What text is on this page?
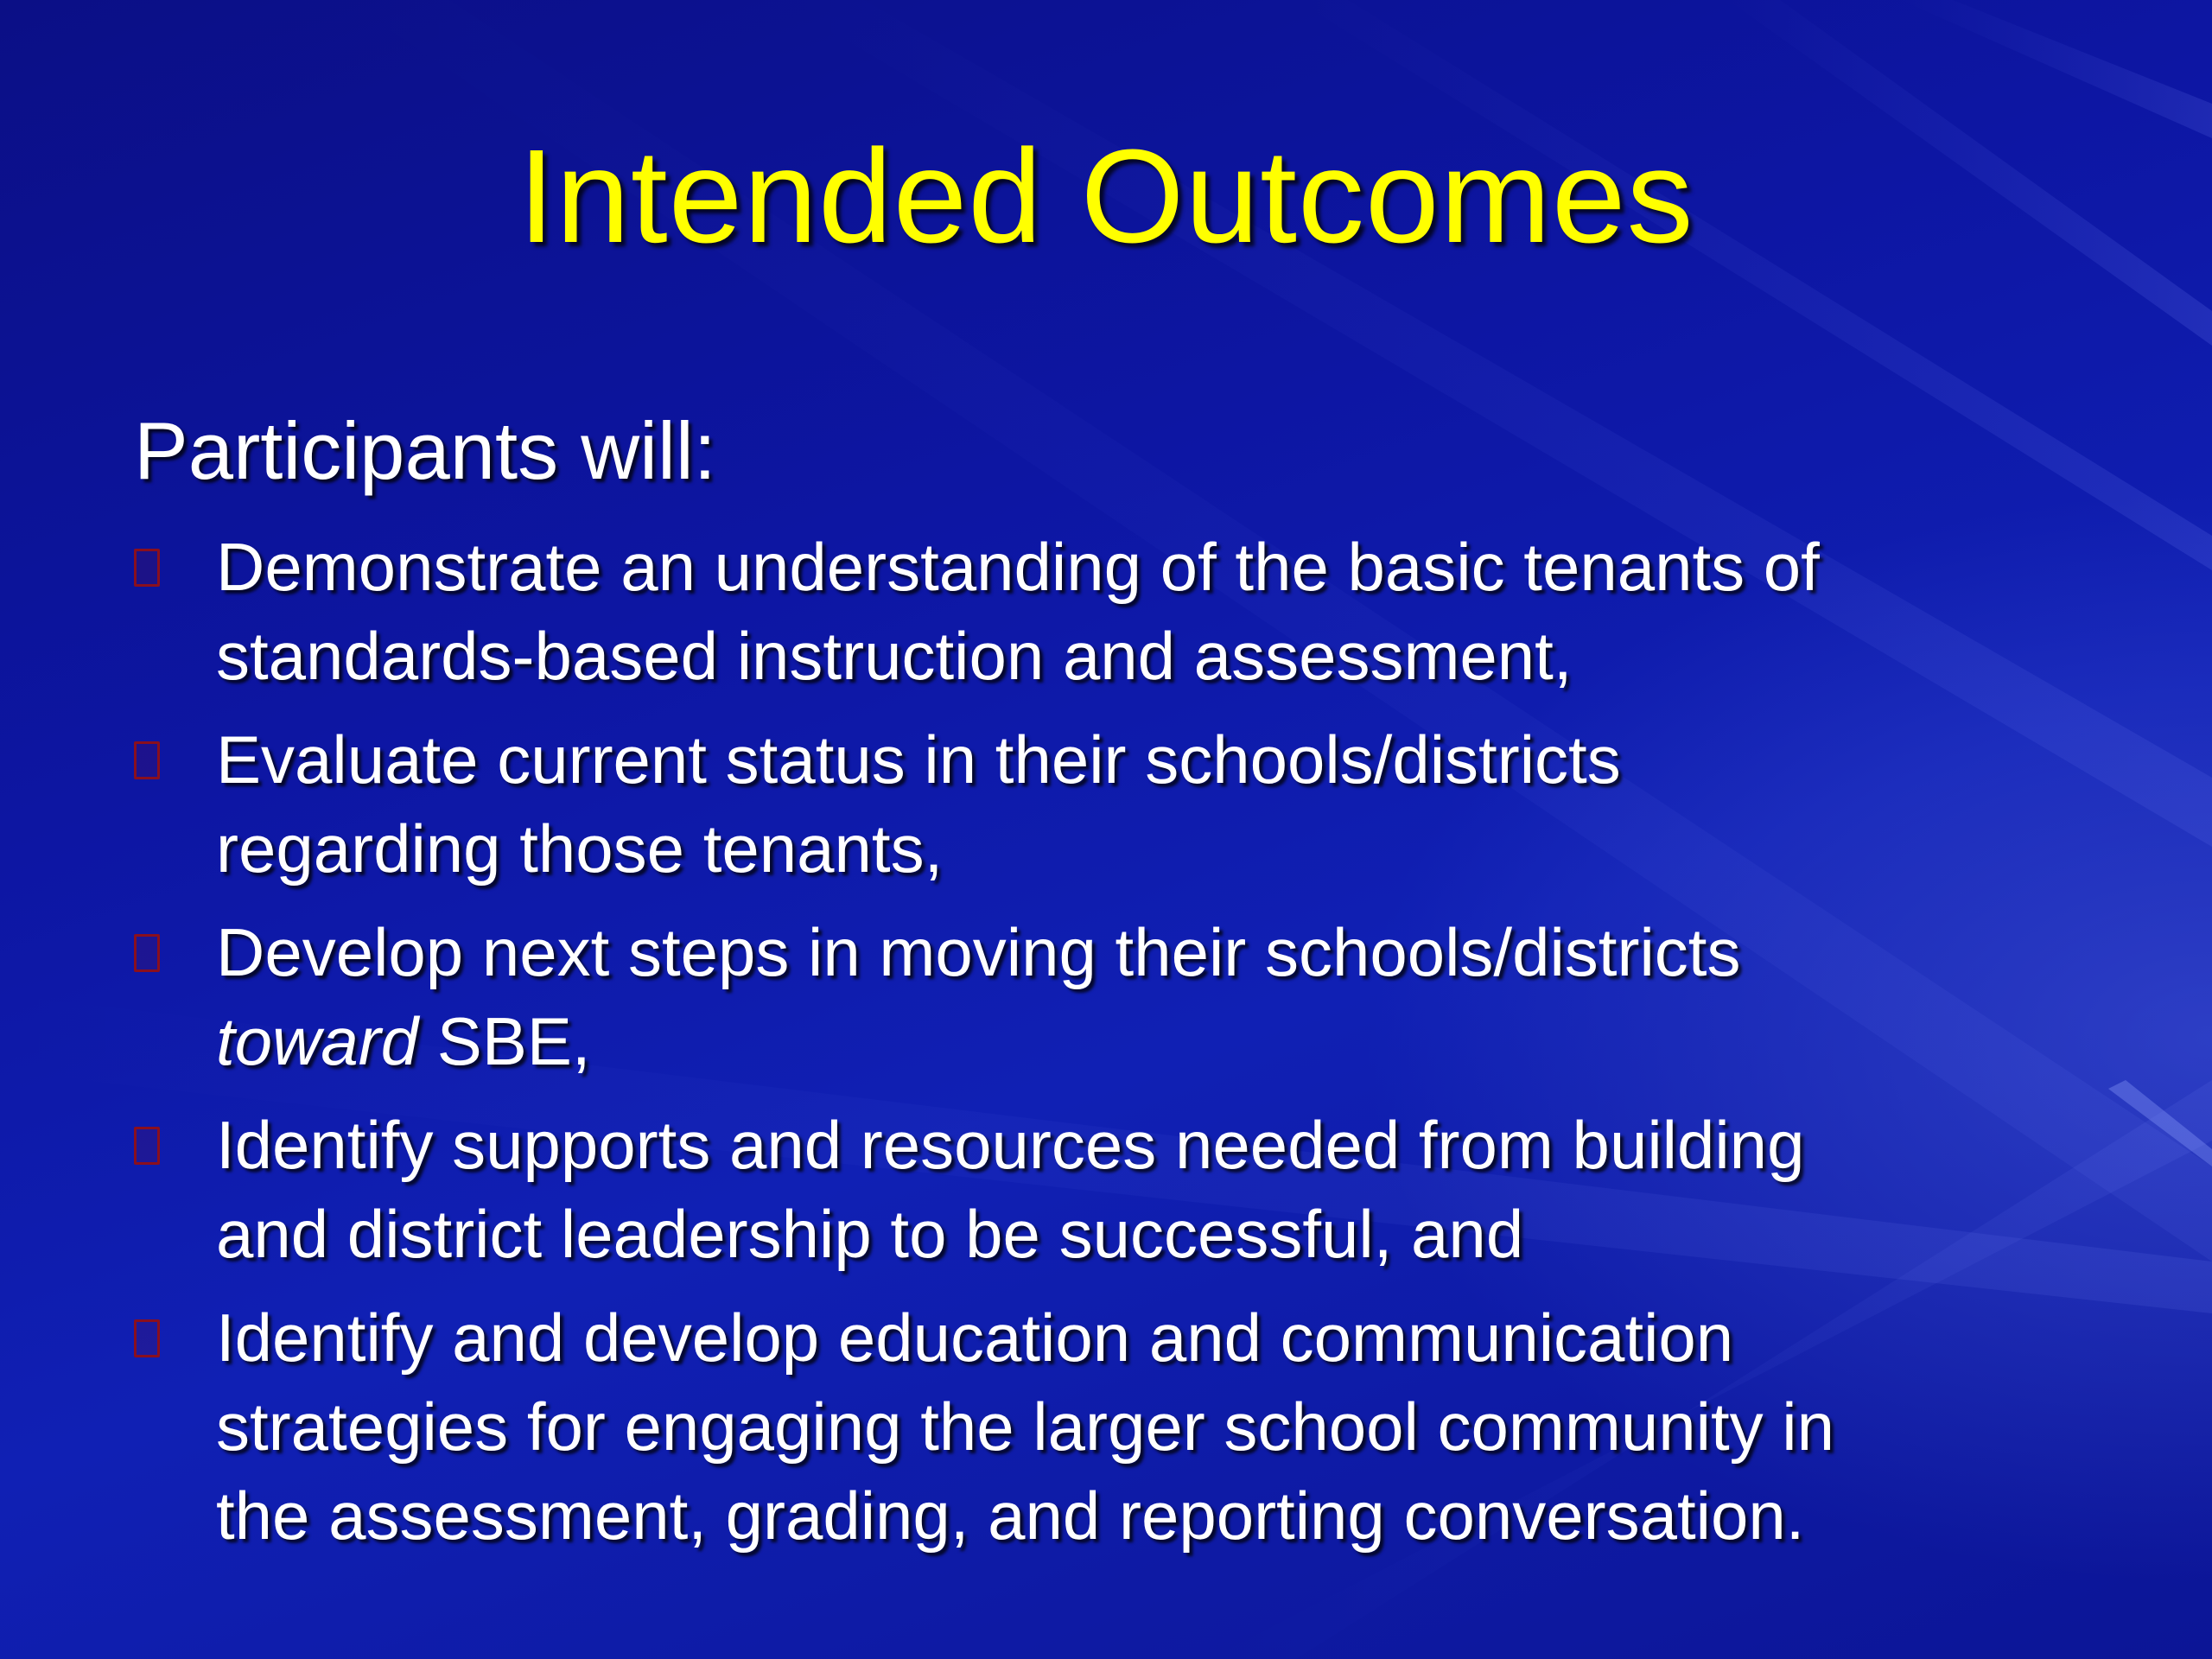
Intended Outcomes
Participants will:
Demonstrate an understanding of the basic tenants of
standards-based instruction and assessment,
Evaluate current status in their schools/districts
regarding those tenants,
Develop next steps in moving their schools/districts
toward SBE,
Identify supports and resources needed from building
and district leadership to be successful, and
Identify and develop education and communication
strategies for engaging the larger school community in
the assessment, grading, and reporting conversation.
